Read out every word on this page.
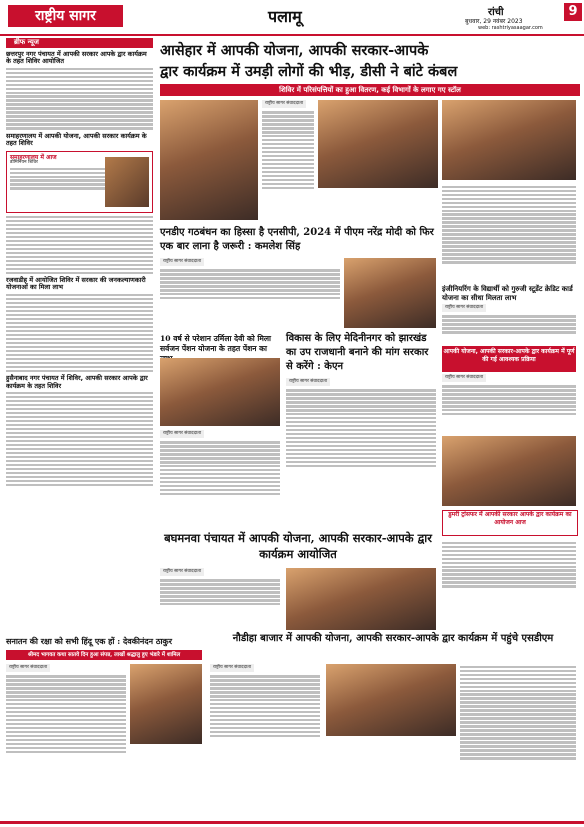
राष्ट्रीय सागर	पलामू	रांची	9
बुधवार, 29 नवंबर 2023
web: rashtriyasaagar.com
ब्रीफ न्यूज
छत्तरपुर नगर पंचायत में आपकी सरकार आपके द्वार कार्यक्रम के तहत शिविर आयोजित
समाहरणालय में आपकी योजना, आपकी सरकार कार्यक्रम के तहत शिविर
समाहरणालय में आज
डोमिनियन शिविर
रजवाडीह में आयोजित शिविर में सरकार की जनकल्याणकारी योजनाओं का मिला लाभ
हुसैनाबाद नगर पंचायत में शिविर, आपकी सरकार आपके द्वार कार्यक्रम के तहत शिविर
आसेहार में आपकी योजना, आपकी सरकार-आपके
द्वार कार्यक्रम में उमड़ी लोगों की भीड़, डीसी ने बांटे कंबल
शिविर में परिसंपत्तियों का हुआ वितरण, कई विभागों के लगाए गए स्टॉल
राष्ट्रीय सागर संवाददाता
एनडीए गठबंधन का हिस्सा है एनसीपी, 2024 में पीएम नरेंद्र मोदी को फिर एक बार लाना है जरूरी : कमलेश सिंह
राष्ट्रीय सागर संवाददाता
इंजीनियरिंग के विद्यार्थी को गुरुजी स्टूडेंट क्रेडिट कार्ड योजना का सीधा मिलता लाभ
राष्ट्रीय सागर संवाददाता
आपकी योजना, आपकी सरकार-आपके द्वार कार्यक्रम में पूर्ण की गई आवश्यक प्रक्रिया
राष्ट्रीय सागर संवाददाता
10 वर्ष से परेशान उर्मिला देवी को मिला सर्वजन पेंशन योजना के तहत पेंशन का
राष्ट्रीय सागर संवाददाता
विकास के लिए मेदिनीनगर को झारखंड का उप राजधानी बनाने की मांग सरकार से करेंगे : केएन
राष्ट्रीय सागर संवाददाता
डुमरी ट्रांसफर में आपकी सरकार आपके द्वार कार्यक्रम का आयोजन आज
बघमनवा पंचायत में आपकी योजना, आपकी सरकार-आपके द्वार कार्यक्रम आयोजित
राष्ट्रीय सागर संवाददाता
सनातन की रक्षा को सभी हिंदू एक हों : देवकीनंदन ठाकुर
श्रीमद भागवत कथा सातवे दिन हुआ संपन्न, लाखों श्रद्धालु हुए भंडारे में शामिल
राष्ट्रीय सागर संवाददाता
नौडीहा बाजार में आपकी योजना, आपकी सरकार-आपके द्वार कार्यक्रम में पहुंचे एसडीएम
राष्ट्रीय सागर संवाददाता
